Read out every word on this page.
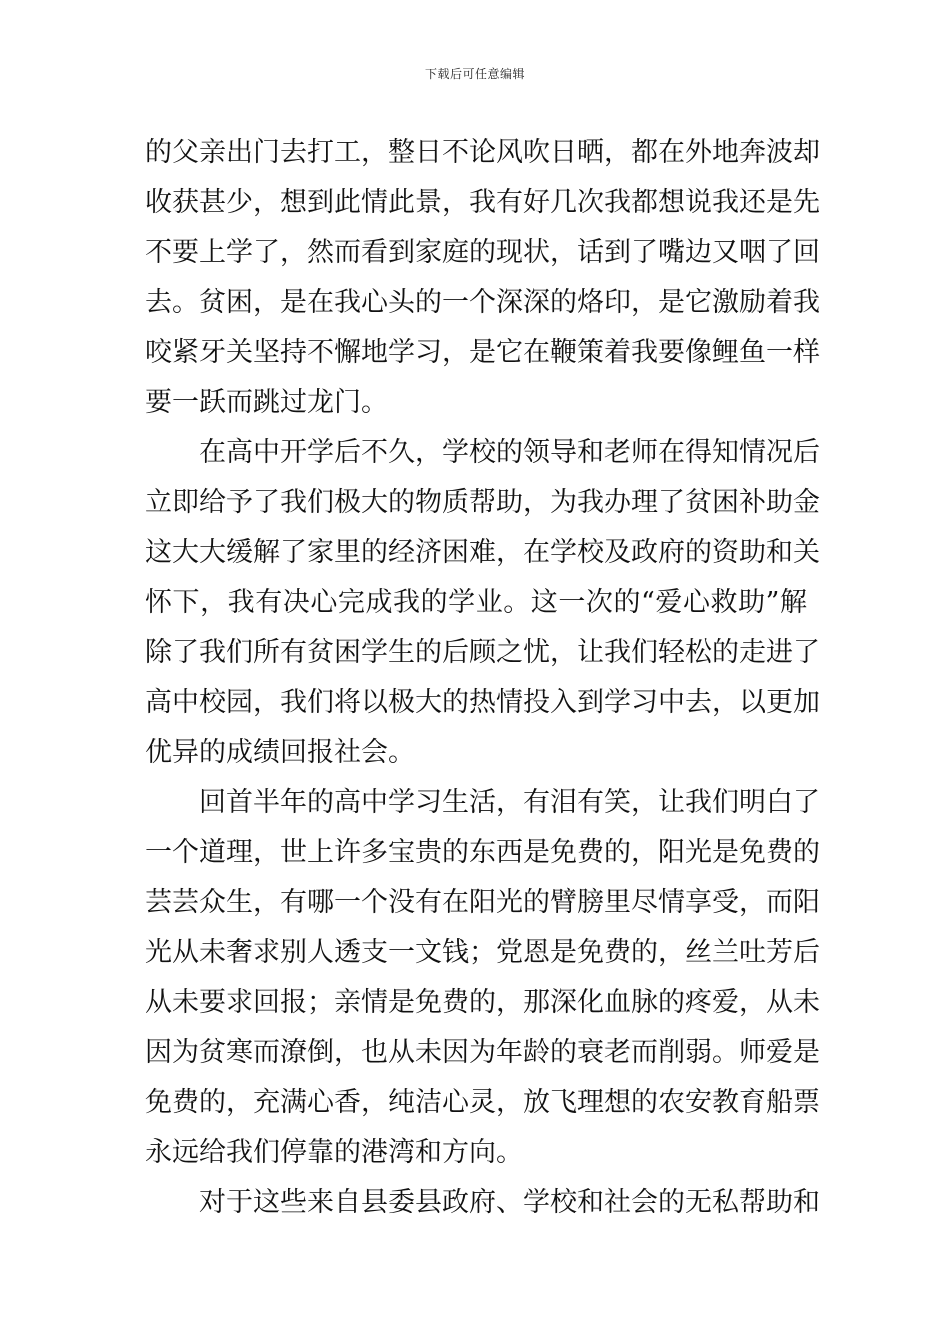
下载后可任意编辑
的父亲出门去打工，整日不论风吹日晒，都在外地奔波却
收获甚少，想到此情此景，我有好几次我都想说我还是先
不要上学了，然而看到家庭的现状，话到了嘴边又咽了回
去。贫困，是在我心头的一个深深的烙印，是它激励着我
咬紧牙关坚持不懈地学习，是它在鞭策着我要像鲤鱼一样
要一跃而跳过龙门。
在高中开学后不久，学校的领导和老师在得知情况后
立即给予了我们极大的物质帮助，为我办理了贫困补助金
这大大缓解了家里的经济困难，在学校及政府的资助和关
怀下，我有决心完成我的学业。这一次的“爱心救助”解
除了我们所有贫困学生的后顾之忧，让我们轻松的走进了
高中校园，我们将以极大的热情投入到学习中去，以更加
优异的成绩回报社会。
回首半年的高中学习生活，有泪有笑，让我们明白了
一个道理，世上许多宝贵的东西是免费的，阳光是免费的
芸芸众生，有哪一个没有在阳光的臂膀里尽情享受，而阳
光从未奢求别人透支一文钱；党恩是免费的，丝兰吐芳后
从未要求回报；亲情是免费的，那深化血脉的疼爱，从未
因为贫寒而潦倒，也从未因为年龄的衰老而削弱。师爱是
免费的，充满心香，纯洁心灵，放飞理想的农安教育船票
永远给我们停靠的港湾和方向。
对于这些来自县委县政府、学校和社会的无私帮助和
